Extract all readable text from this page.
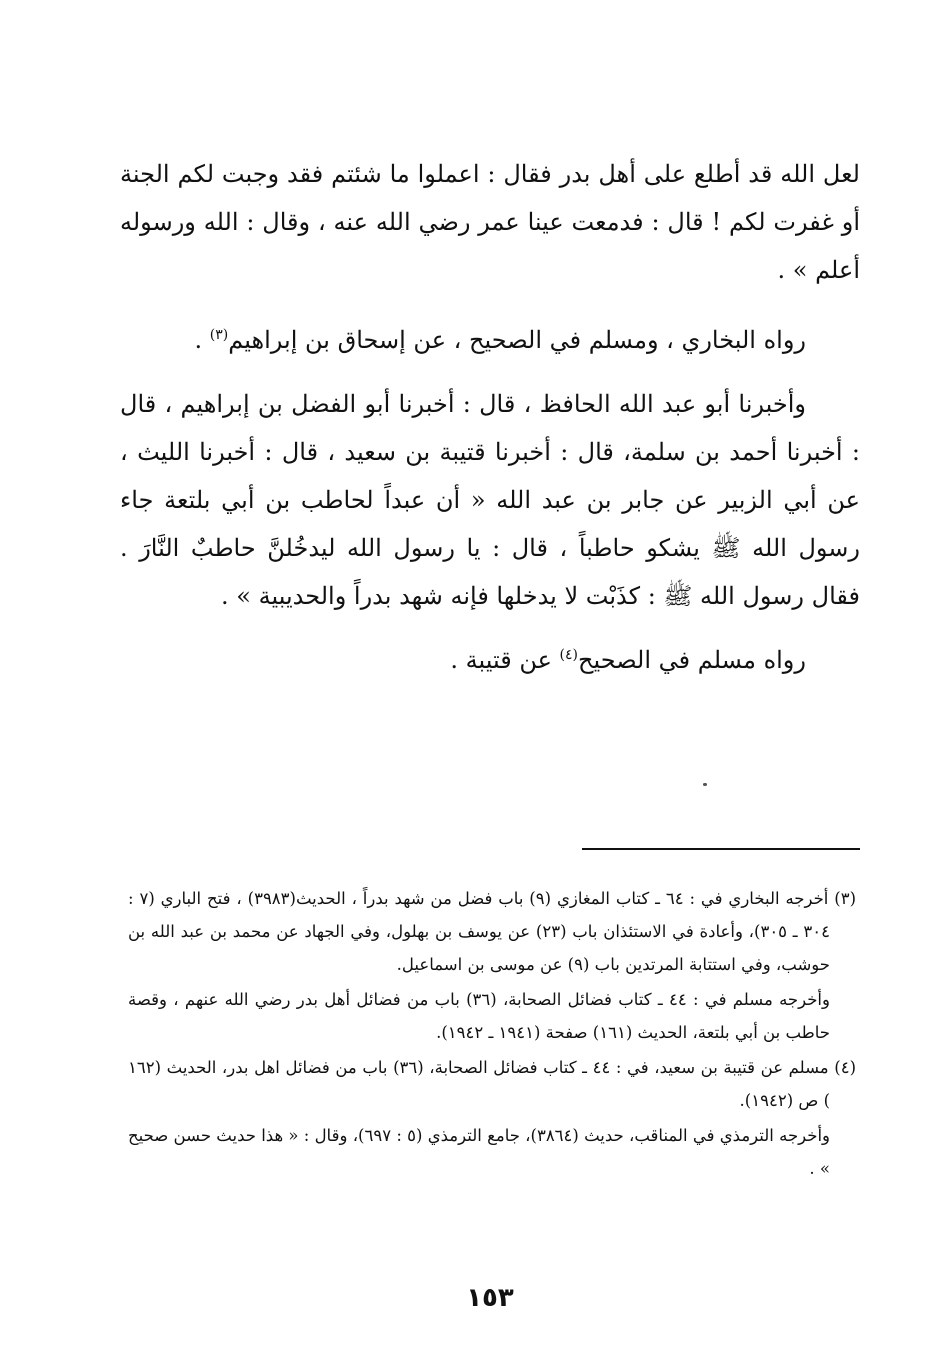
لعل الله قد أطلع على أهل بدر فقال : اعملوا ما شئتم فقد وجبت لكم الجنة أو غفرت لكم ! قال : فدمعت عينا عمر رضي الله عنه ، وقال : الله ورسوله أعلم » .

رواه البخاري ، ومسلم في الصحيح ، عن إسحاق بن إبراهيم$^{(٣)}$ .

وأخبرنا أبو عبد الله الحافظ ، قال : أخبرنا أبو الفضل بن إبراهيم ، قال : أخبرنا أحمد بن سلمة، قال : أخبرنا قتيبة بن سعيد ، قال : أخبرنا الليث ، عن أبي الزبير عن جابر بن عبد الله « أن عبداً لحاطب بن أبي بلتعة جاء رسول الله ﷺ يشكو حاطباً ، قال : يا رسول الله ليدخُلنَّ حاطبٌ النَّارَ . فقال رسول الله ﷺ : كذَبْت لا يدخلها فإنه شهد بدراً والحديبية » .

رواه مسلم في الصحيح$^{(٤)}$ عن قتيبة .

(٣) أخرجه البخاري في : ٦٤ ـ كتاب المغازي (٩) باب فضل من شهد بدراً ، الحديث(٣٩٨٣) ، فتح الباري (٧ : ٣٠٤ ـ ٣٠٥)، وأعادة في الاستئذان باب (٢٣) عن يوسف بن بهلول، وفي الجهاد عن محمد بن عبد الله بن حوشب، وفي استتابة المرتدين باب (٩) عن موسى بن اسماعيل.

وأخرجه مسلم في : ٤٤ ـ كتاب فضائل الصحابة، (٣٦) باب من فضائل أهل بدر رضي الله عنهم ، وقصة حاطب بن أبي بلتعة، الحديث (١٦١) صفحة (١٩٤١ ـ ١٩٤٢).

(٤) مسلم عن قتيبة بن سعيد، في : ٤٤ ـ كتاب فضائل الصحابة، (٣٦) باب من فضائل اهل بدر، الحديث (١٦٢ ) ص (١٩٤٢).

وأخرجه الترمذي في المناقب، حديث (٣٨٦٤)، جامع الترمذي (٥ : ٦٩٧)، وقال : « هذا حديث حسن صحيح » .

١٥٣
